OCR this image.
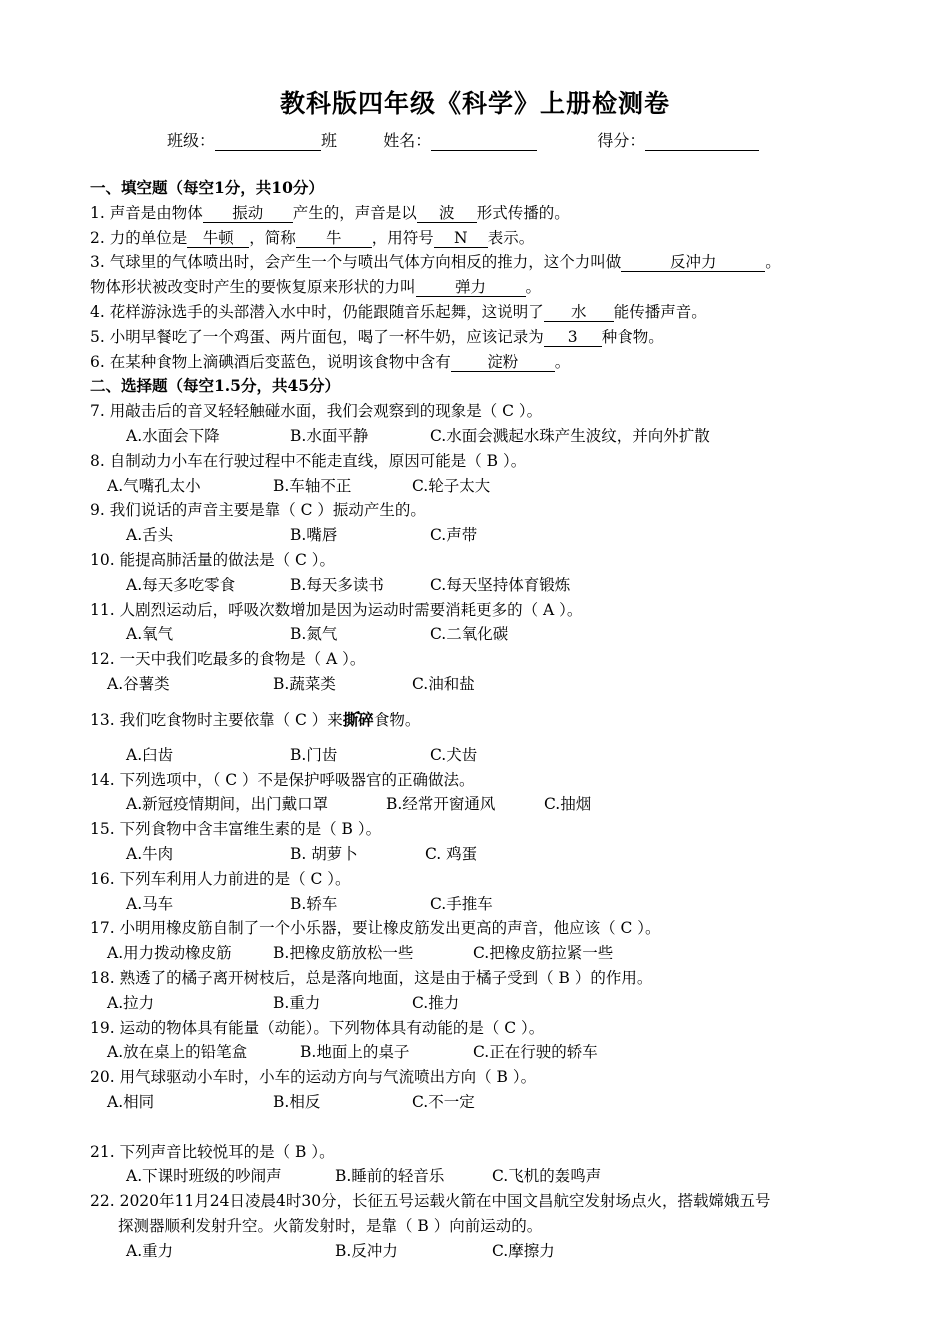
教科版四年级《科学》上册检测卷
班级：	班	姓名：	得分：
一、填空题（每空1分，共10分）
1. 声音是由物体 振动 产生的，声音是以 波 形式传播的。
2. 力的单位是 牛顿 ，简称 牛 ，用符号 N 表示。
3. 气球里的气体喷出时，会产生一个与喷出气体方向相反的推力，这个力叫做	反冲力	。
物体形状被改变时产生的要恢复原来形状的力叫	弹力	。
4. 花样游泳选手的头部潜入水中时，仍能跟随音乐起舞，这说明了 水 能传播声音。
5. 小明早餐吃了一个鸡蛋、两片面包，喝了一杯牛奶，应该记录为 3 种食物。
6. 在某种食物上滴碘酒后变蓝色，说明该食物中含有 淀粉 。
二、选择题（每空1.5分，共45分）
7. 用敲击后的音叉轻轻触碰水面，我们会观察到的现象是（ C ）。
A.水面会下降	B.水面平静	C.水面会溅起水珠产生波纹，并向外扩散
8. 自制动力小车在行驶过程中不能走直线，原因可能是（ B ）。
A.气嘴孔太小	B.车轴不正	C.轮子太大
9. 我们说话的声音主要是靠（ C ）振动产生的。
A.舌头	B.嘴唇	C.声带
10. 能提高肺活量的做法是（ C ）。
A.每天多吃零食	B.每天多读书	C.每天坚持体育锻炼
11. 人剧烈运动后，呼吸次数增加是因为运动时需要消耗更多的（ A ）。
A.氧气	B.氮气	C.二氧化碳
12. 一天中我们吃最多的食物是（ A ）。
A.谷薯类	B.蔬菜类	C.油和盐
13. 我们吃食物时主要依靠（ C ）来撕碎食物。
A.臼齿	B.门齿	C.犬齿
14. 下列选项中，（ C ）不是保护呼吸器官的正确做法。
A.新冠疫情期间，出门戴口罩	B.经常开窗通风	C.抽烟
15. 下列食物中含丰富维生素的是（ B ）。
A.牛肉	B. 胡萝卜	C. 鸡蛋
16. 下列车利用人力前进的是（ C ）。
A.马车	B.轿车	C.手推车
17. 小明用橡皮筋自制了一个小乐器，要让橡皮筋发出更高的声音，他应该（ C ）。
A.用力拨动橡皮筋	B.把橡皮筋放松一些	C.把橡皮筋拉紧一些
18. 熟透了的橘子离开树枝后，总是落向地面，这是由于橘子受到（ B ）的作用。
A.拉力	B.重力	C.推力
19. 运动的物体具有能量（动能）。下列物体具有动能的是（ C ）。
A.放在桌上的铅笔盒	B.地面上的桌子	C.正在行驶的轿车
20. 用气球驱动小车时，小车的运动方向与气流喷出方向（ B ）。
A.相同	B.相反	C.不一定
21. 下列声音比较悦耳的是（ B ）。
A.下课时班级的吵闹声	B.睡前的轻音乐	C.飞机的轰鸣声
22. 2020年11月24日凌晨4时30分，长征五号运载火箭在中国文昌航空发射场点火，搭载嫦娥五号
探测器顺利发射升空。火箭发射时，是靠（ B ）向前运动的。
A.重力	B.反冲力	C.摩擦力
